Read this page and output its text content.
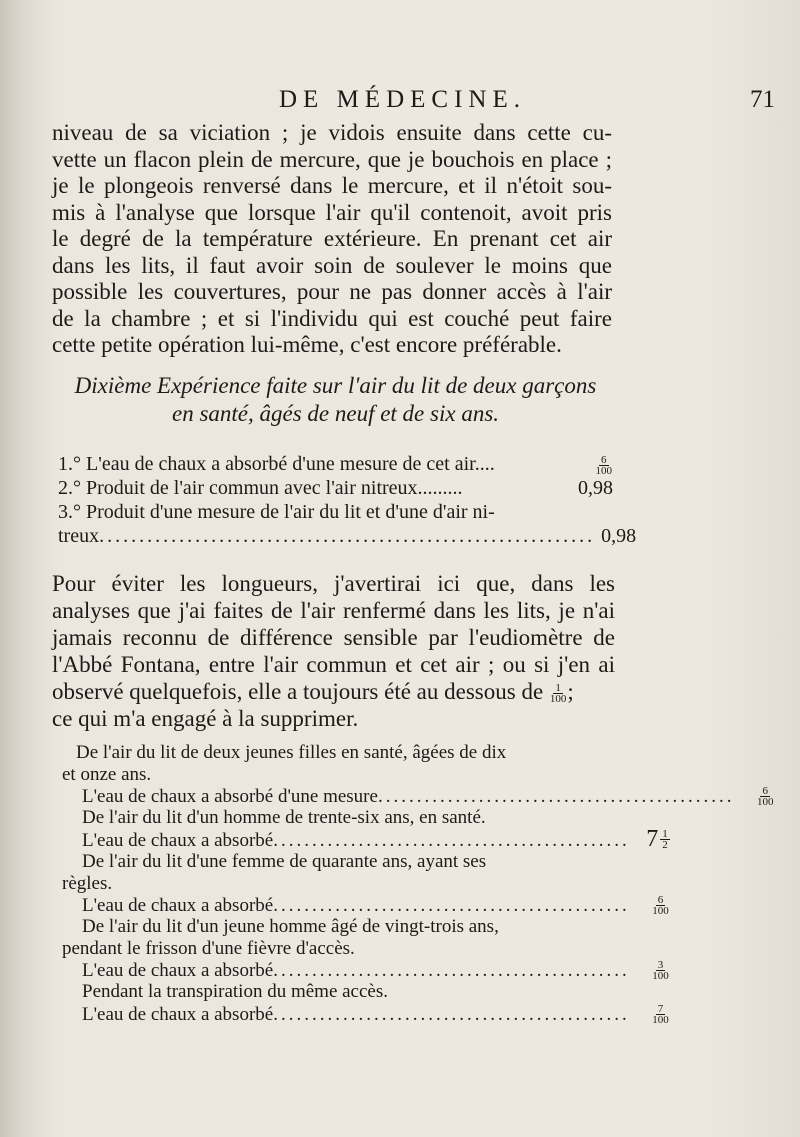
DE MÉDECINE.	71

niveau de sa viciation ; je vidois ensuite dans cette cu-
vette un flacon plein de mercure, que je bouchois en place ;
je le plongeois renversé dans le mercure, et il n'étoit sou-
mis à l'analyse que lorsque l'air qu'il contenoit, avoit pris
le degré de la température extérieure. En prenant cet air
dans les lits, il faut avoir soin de soulever le moins que
possible les couvertures, pour ne pas donner accès à l'air
de la chambre ; et si l'individu qui est couché peut faire
cette petite opération lui-même, c'est encore préférable.

Dixième Expérience faite sur l'air du lit de deux garçons
en santé, âgés de neuf et de six ans.
1.° L'eau de chaux a absorbé d'une mesure de cet air....	$\frac{6}{100}$
2.° Produit de l'air commun avec l'air nitreux.........	0,98
3.° Produit d'une mesure de l'air du lit et d'une d'air ni-
treux .............................................................. 0,98

Pour éviter les longueurs, j'avertirai ici que, dans les
analyses que j'ai faites de l'air renfermé dans les lits, je n'ai
jamais reconnu de différence sensible par l'eudiomètre de
l'Abbé Fontana, entre l'air commun et cet air ; ou si j'en ai
observé quelquefois, elle a toujours été au dessous de $\frac{1}{100}$ ;
ce qui m'a engagé à la supprimer.

De l'air du lit de deux jeunes filles en santé, âgées de dix
et onze ans.
L'eau de chaux a absorbé d'une mesure .............................................. $\frac{6}{100}$
De l'air du lit d'un homme de trente-six ans, en santé.
L'eau de chaux a absorbé .............................................. $7 \frac{1}{2}$
De l'air du lit d'une femme de quarante ans, ayant ses
règles.
L'eau de chaux a absorbé .............................................. $\frac{6}{100}$
De l'air du lit d'un jeune homme âgé de vingt-trois ans,
pendant le frisson d'une fièvre d'accès.
L'eau de chaux a absorbé .............................................. $\frac{3}{100}$
Pendant la transpiration du même accès.
L'eau de chaux a absorbé .............................................. $\frac{7}{100}$
